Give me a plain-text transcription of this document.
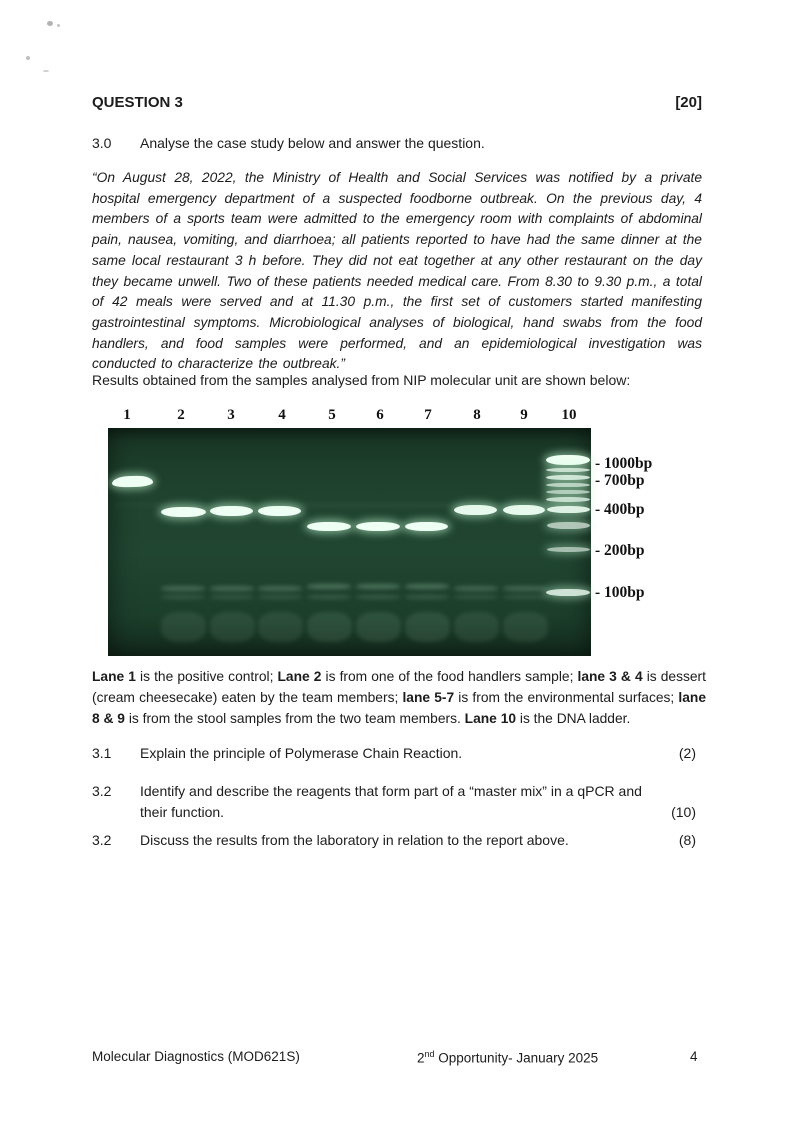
QUESTION 3	[20]
3.0 Analyse the case study below and answer the question.

“On August 28, 2022, the Ministry of Health and Social Services was notified by a private hospital emergency department of a suspected foodborne outbreak. On the previous day, 4 members of a sports team were admitted to the emergency room with complaints of abdominal pain, nausea, vomiting, and diarrhoea; all patients reported to have had the same dinner at the same local restaurant 3 h before. They did not eat together at any other restaurant on the day they became unwell. Two of these patients needed medical care. From 8.30 to 9.30 p.m., a total of 42 meals were served and at 11.30 p.m., the first set of customers started manifesting gastrointestinal symptoms. Microbiological analyses of biological, hand swabs from the food handlers, and food samples were performed, and an epidemiological investigation was conducted to characterize the outbreak.”

Results obtained from the samples analysed from NIP molecular unit are shown below:

1	2	3	4	5	6	7	8	9 10
- 1000bp
- 700bp
- 400bp
- 200bp
- 100bp

Lane 1 is the positive control; Lane 2 is from one of the food handlers sample; lane 3 & 4 is dessert (cream cheesecake) eaten by the team members; lane 5-7 is from the environmental surfaces; lane 8 & 9 is from the stool samples from the two team members. Lane 10 is the DNA ladder.

3.1	Explain the principle of Polymerase Chain Reaction.	(2)
3.2	Identify and describe the reagents that form part of a “master mix” in a qPCR and their function.	(10)
3.2	Discuss the results from the laboratory in relation to the report above.	(8)
Molecular Diagnostics (MOD621S)	2nd Opportunity- January 2025	4
